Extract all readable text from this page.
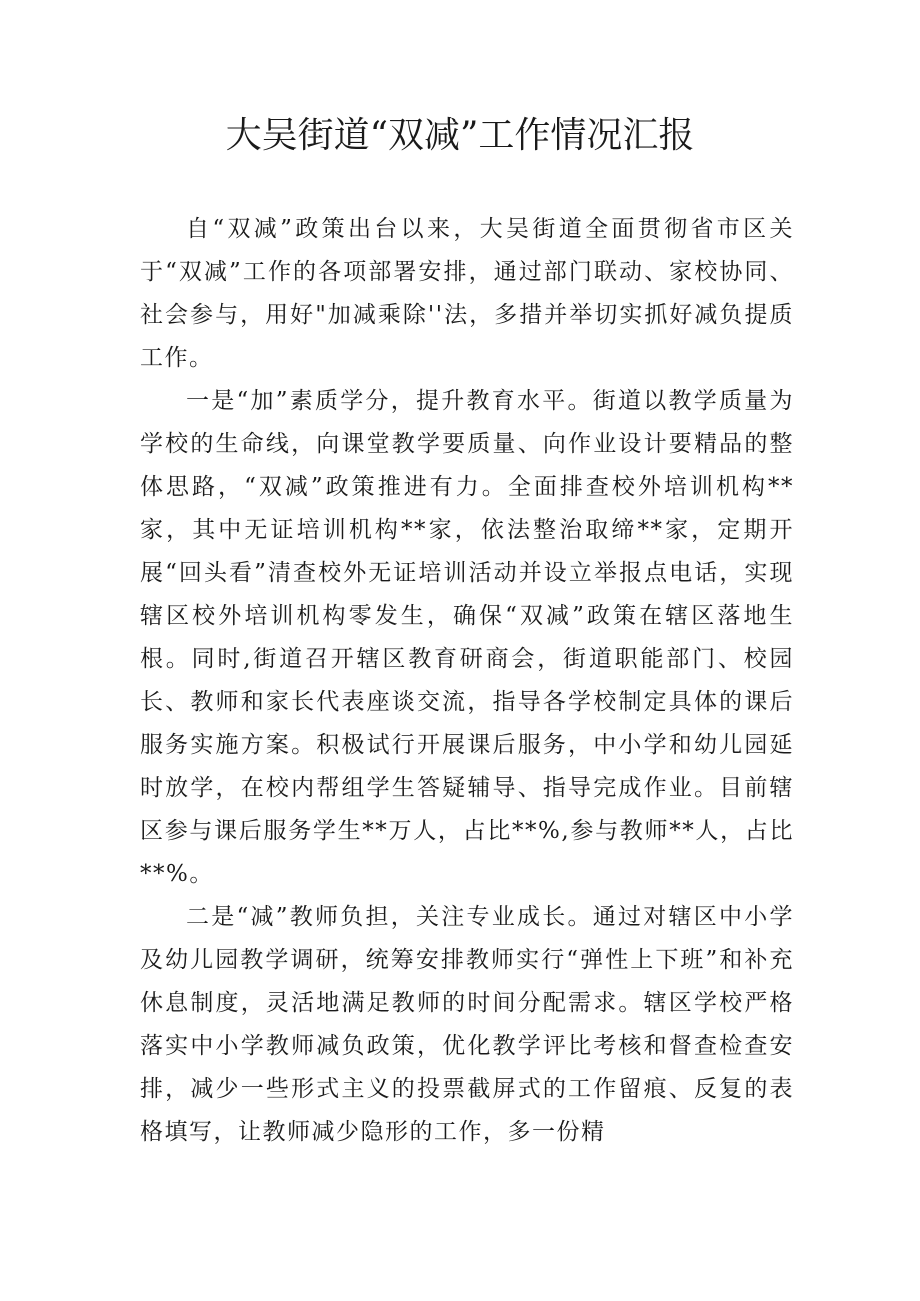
大吴街道“双减”工作情况汇报

自“双减”政策出台以来，大吴街道全面贯彻省市区关于“双减”工作的各项部署安排，通过部门联动、家校协同、社会参与，用好"加减乘除''法，多措并举切实抓好减负提质工作。

一是“加”素质学分，提升教育水平。街道以教学质量为学校的生命线，向课堂教学要质量、向作业设计要精品的整体思路，“双减”政策推进有力。全面排查校外培训机构**家，其中无证培训机构**家，依法整治取缔**家，定期开展“回头看”清查校外无证培训活动并设立举报点电话，实现辖区校外培训机构零发生，确保“双减”政策在辖区落地生根。同时,街道召开辖区教育研商会，街道职能部门、校园长、教师和家长代表座谈交流，指导各学校制定具体的课后服务实施方案。积极试行开展课后服务，中小学和幼儿园延时放学，在校内帮组学生答疑辅导、指导完成作业。目前辖区参与课后服务学生**万人，占比**%,参与教师**人，占比**%。

二是“减”教师负担，关注专业成长。通过对辖区中小学及幼儿园教学调研，统筹安排教师实行“弹性上下班”和补充休息制度，灵活地满足教师的时间分配需求。辖区学校严格落实中小学教师减负政策，优化教学评比考核和督查检查安排，减少一些形式主义的投票截屏式的工作留痕、反复的表格填写，让教师减少隐形的工作，多一份精
